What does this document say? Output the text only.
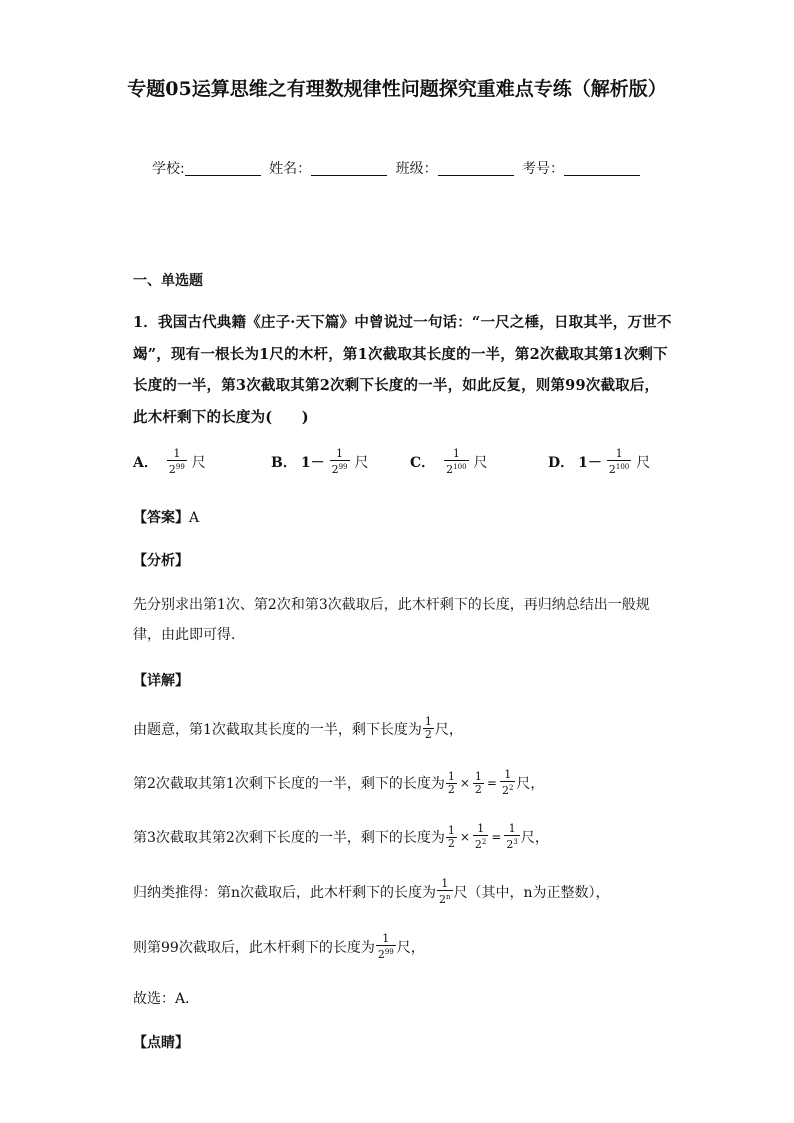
专题05运算思维之有理数规律性问题探究重难点专练（解析版）
学校:	姓名：	班级：	考号：
一、单选题
1．我国古代典籍《庄子·天下篇》中曾说过一句话：“一尺之棰，日取其半，万世不竭”，现有一根长为1尺的木杆，第1次截取其长度的一半，第2次截取其第1次剩下长度的一半，第3次截取其第2次剩下长度的一半，如此反复，则第99次截取后，此木杆剩下的长度为(　　)
A． $\frac{1}{2^{99}}$ 尺	B． $1- \frac{1}{2^{99}}$ 尺	C． $\frac{1}{2^{100}}$ 尺	D． $1- \frac{1}{2^{100}}$ 尺
【答案】A
【分析】
先分别求出第1次、第2次和第3次截取后，此木杆剩下的长度，再归纳总结出一般规律，由此即可得．
【详解】
由题意，第1次截取其长度的一半，剩下长度为 $\frac{1}{2}$ 尺，
第2次截取其第1次剩下长度的一半，剩下的长度为 $\frac{1}{2} \times \frac{1}{2} = \frac{1}{2^2}$ 尺，
第3次截取其第2次剩下长度的一半，剩下的长度为 $\frac{1}{2} \times \frac{1}{2^2} = \frac{1}{2^3}$ 尺，
归纳类推得：第n次截取后，此木杆剩下的长度为 $\frac{1}{2^n}$ 尺（其中，n为正整数），
则第99次截取后，此木杆剩下的长度为 $\frac{1}{2^{99}}$ 尺，
故选：A．
【点睛】
